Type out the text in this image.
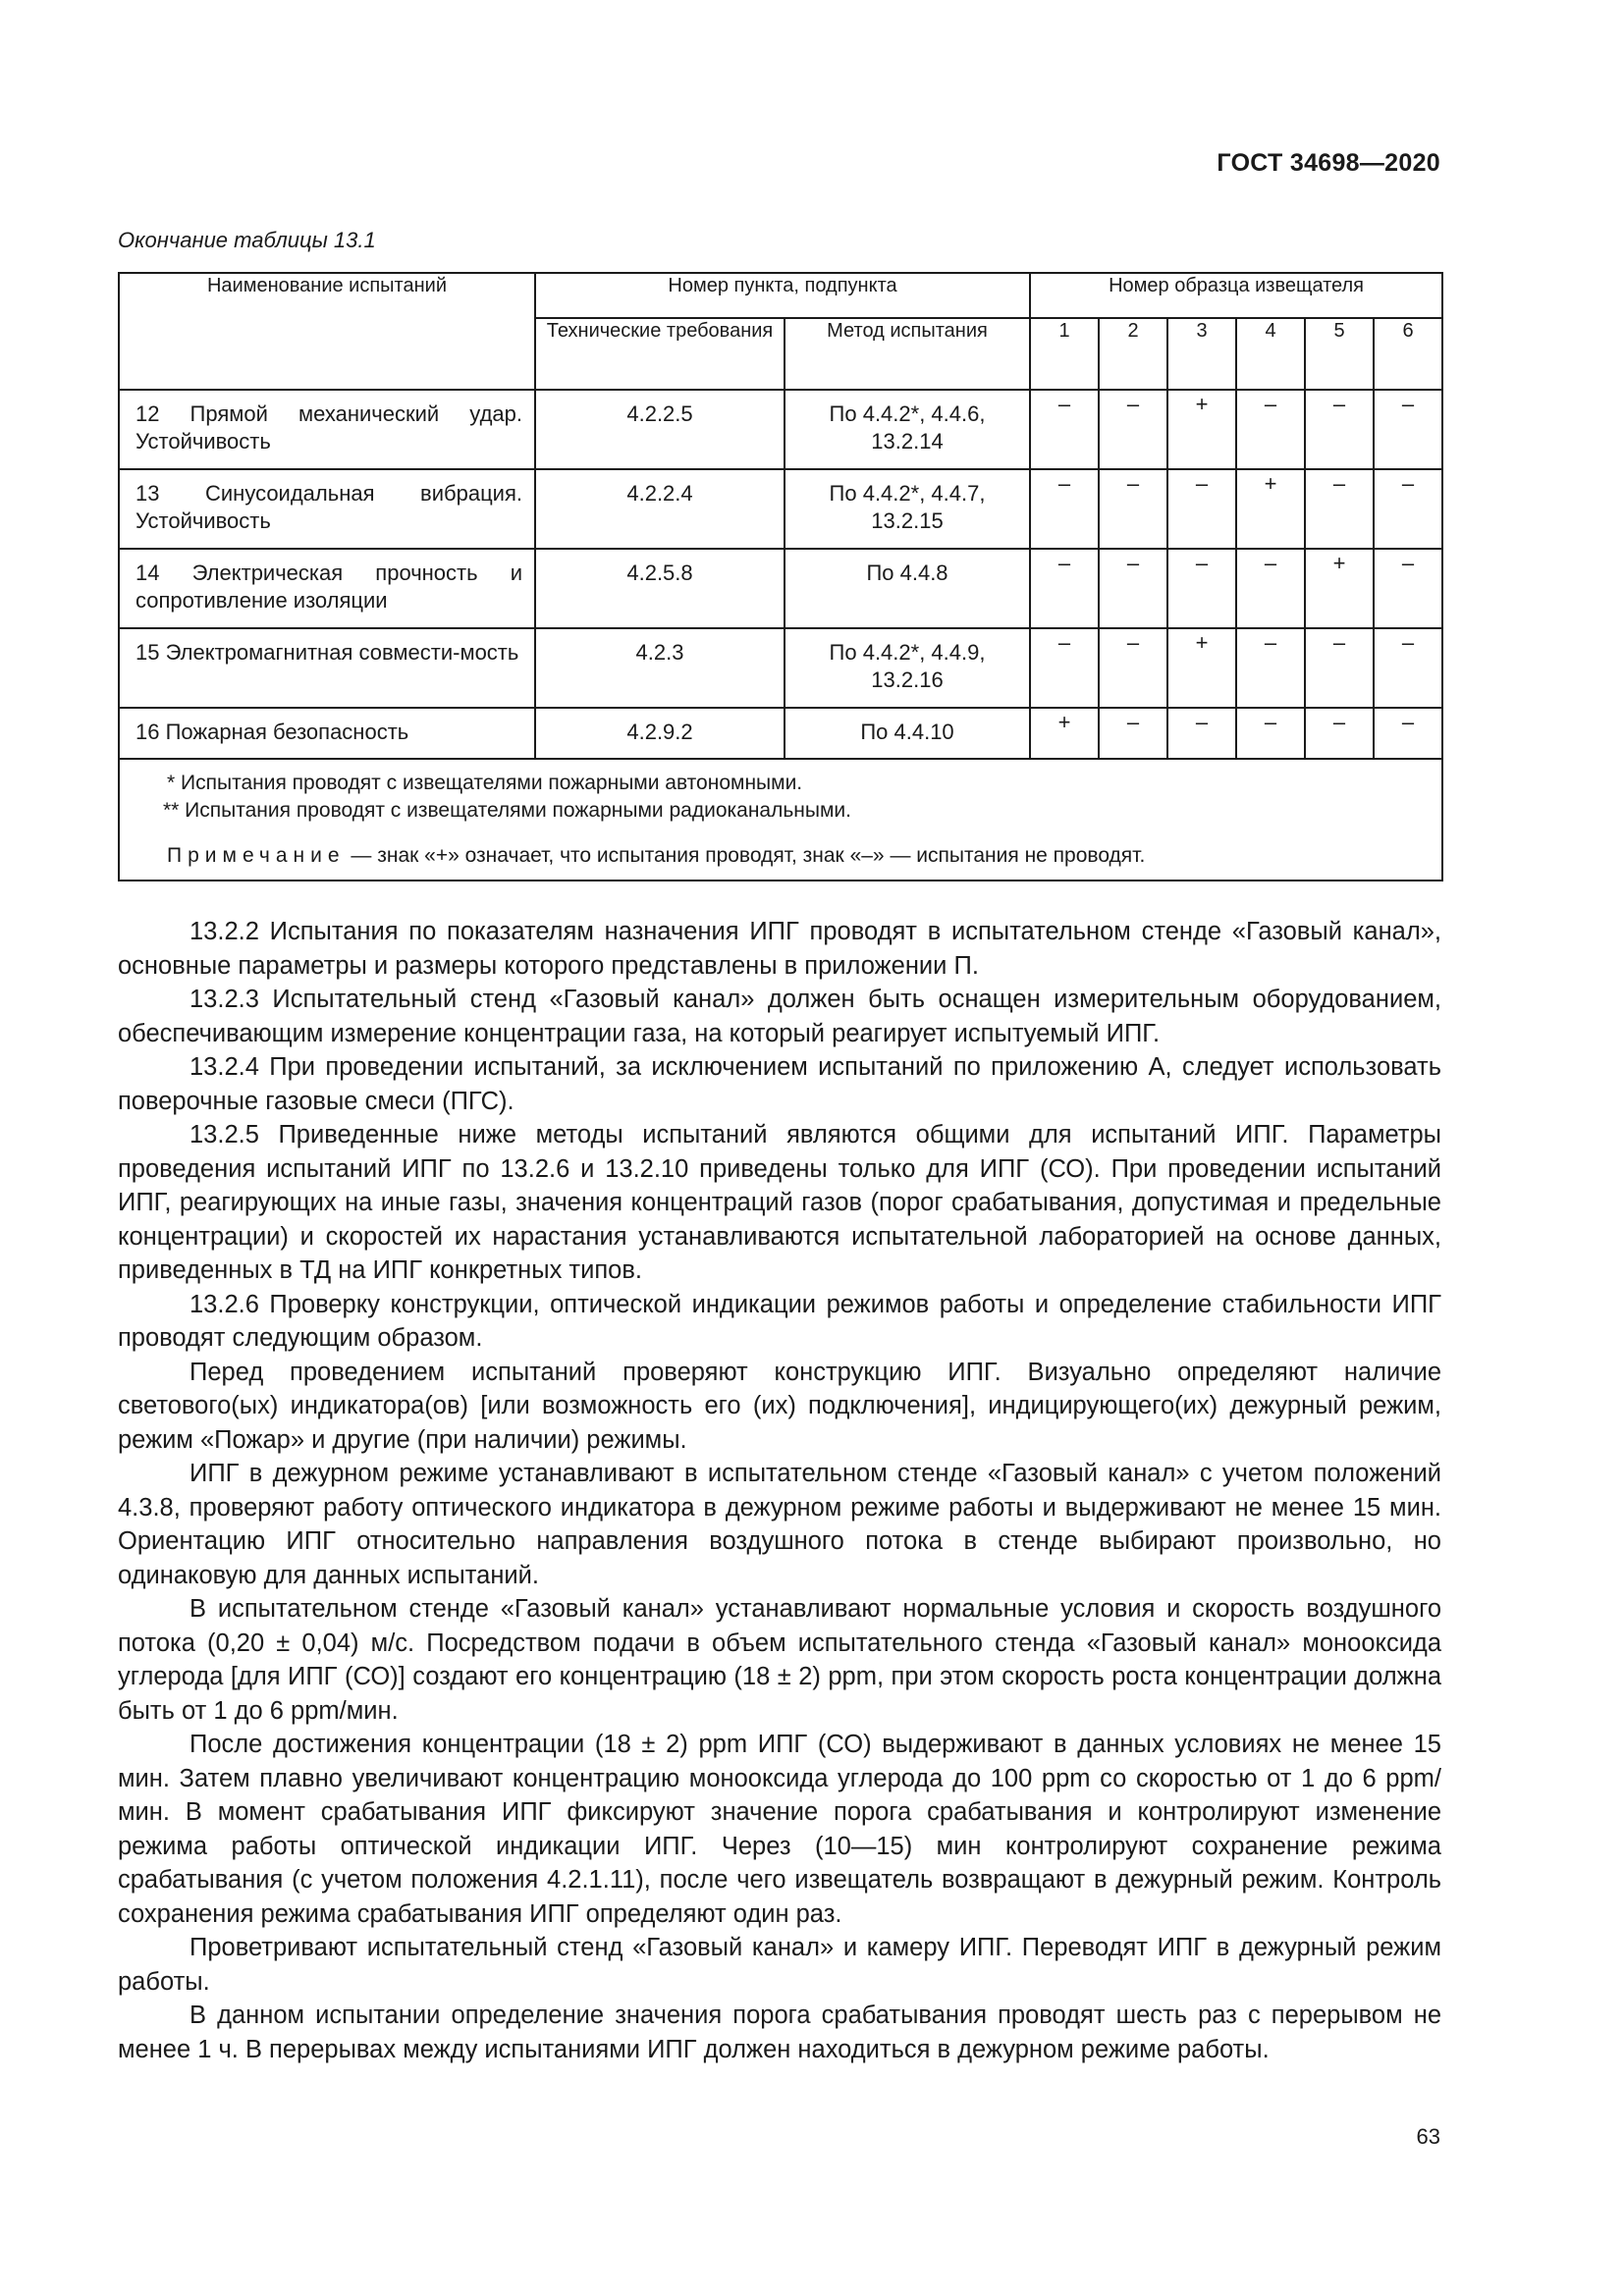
ГОСТ 34698—2020
Окончание таблицы 13.1
Наименование испытаний	Номер пункта, подпункта		Номер образца извещателя					
	Технические требования	Метод испытания	1	2	3	4	5	6
12 Прямой механический удар. Устойчивость	4.2.2.5	По 4.4.2*, 4.4.6, 13.2.14	–	–	+	–	–	–
13 Синусоидальная вибрация. Устойчивость	4.2.2.4	По 4.4.2*, 4.4.7, 13.2.15	–	–	–	+	–	–
14 Электрическая прочность и сопротивление изоляции	4.2.5.8	По 4.4.8	–	–	–	–	+	–
15 Электромагнитная совмести-мость	4.2.3	По 4.4.2*, 4.4.9, 13.2.16	–	–	+	–	–	–
16 Пожарная безопасность	4.2.9.2	По 4.4.10	+	–	–	–	–	–

* Испытания проводят с извещателями пожарными автономными.
** Испытания проводят с извещателями пожарными радиоканальными.
Примечание — знак «+» означает, что испытания проводят, знак «–» — испытания не проводят.								

13.2.2 Испытания по показателям назначения ИПГ проводят в испытательном стенде «Газовый канал», основные параметры и размеры которого представлены в приложении П.

13.2.3 Испытательный стенд «Газовый канал» должен быть оснащен измерительным оборудованием, обеспечивающим измерение концентрации газа, на который реагирует испытуемый ИПГ.

13.2.4 При проведении испытаний, за исключением испытаний по приложению А, следует использовать поверочные газовые смеси (ПГС).

13.2.5 Приведенные ниже методы испытаний являются общими для испытаний ИПГ. Параметры проведения испытаний ИПГ по 13.2.6 и 13.2.10 приведены только для ИПГ (СО). При проведении испытаний ИПГ, реагирующих на иные газы, значения концентраций газов (порог срабатывания, допустимая и предельные концентрации) и скоростей их нарастания устанавливаются испытательной лабораторией на основе данных, приведенных в ТД на ИПГ конкретных типов.

13.2.6 Проверку конструкции, оптической индикации режимов работы и определение стабильности ИПГ проводят следующим образом.

Перед проведением испытаний проверяют конструкцию ИПГ. Визуально определяют наличие светового(ых) индикатора(ов) [или возможность его (их) подключения], индицирующего(их) дежурный режим, режим «Пожар» и другие (при наличии) режимы.

ИПГ в дежурном режиме устанавливают в испытательном стенде «Газовый канал» с учетом положений 4.3.8, проверяют работу оптического индикатора в дежурном режиме работы и выдерживают не менее 15 мин. Ориентацию ИПГ относительно направления воздушного потока в стенде выбирают произвольно, но одинаковую для данных испытаний.

В испытательном стенде «Газовый канал» устанавливают нормальные условия и скорость воздушного потока (0,20 ± 0,04) м/с. Посредством подачи в объем испытательного стенда «Газовый канал» монооксида углерода [для ИПГ (СО)] создают его концентрацию (18 ± 2) ppm, при этом скорость роста концентрации должна быть от 1 до 6 ppm/мин.

После достижения концентрации (18 ± 2) ppm ИПГ (СО) выдерживают в данных условиях не менее 15 мин. Затем плавно увеличивают концентрацию монооксида углерода до 100 ppm со скоростью от 1 до 6 ppm/мин. В момент срабатывания ИПГ фиксируют значение порога срабатывания и контролируют изменение режима работы оптической индикации ИПГ. Через (10—15) мин контролируют сохранение режима срабатывания (с учетом положения 4.2.1.11), после чего извещатель возвращают в дежурный режим. Контроль сохранения режима срабатывания ИПГ определяют один раз.

Проветривают испытательный стенд «Газовый канал» и камеру ИПГ. Переводят ИПГ в дежурный режим работы.

В данном испытании определение значения порога срабатывания проводят шесть раз с перерывом не менее 1 ч. В перерывах между испытаниями ИПГ должен находиться в дежурном режиме работы.

63
